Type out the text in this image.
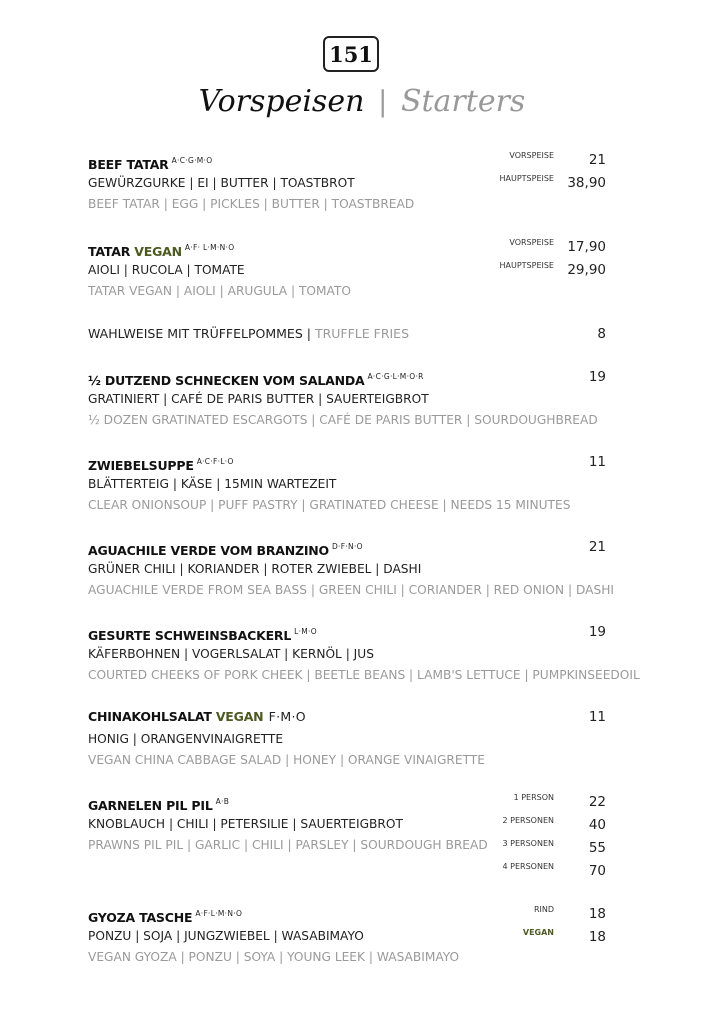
151
Vorspeisen | Starters
BEEF TATAR $^{A\cdot C\cdot G\cdot M\cdot O}$
GEWÜRZGURKE | EI | BUTTER | TOASTBROT
BEEF TATAR | EGG | PICKLES | BUTTER | TOASTBREAD
VORSPEISE	21
HAUPTSPEISE 38,90
TATAR VEGAN $^{A\cdot F\cdot L\cdot M\cdot N\cdot O}$
AIOLI | RUCOLA | TOMATE
TATAR VEGAN | AIOLI | ARUGULA | TOMATO
VORSPEISE 17,90
HAUPTSPEISE 29,90
WAHLWEISE MIT TRÜFFELPOMMES | TRUFFLE FRIES	8
½ DUTZEND SCHNECKEN VOM SALANDA $^{A\cdot C\cdot G\cdot L\cdot M\cdot O\cdot R}$
GRATINIERT | CAFÉ DE PARIS BUTTER | SAUERTEIGBROT
½ DOZEN GRATINATED ESCARGOTS | CAFÉ DE PARIS BUTTER | SOURDOUGHBREAD
19
ZWIEBELSUPPE $^{A\cdot C\cdot F\cdot L\cdot O}$
BLÄTTERTEIG | KÄSE | 15MIN WARTEZEIT
CLEAR ONIONSOUP | PUFF PASTRY | GRATINATED CHEESE | NEEDS 15 MINUTES
11
AGUACHILE VERDE VOM BRANZINO $^{D\cdot F\cdot N\cdot O}$
GRÜNER CHILI | KORIANDER | ROTER ZWIEBEL | DASHI
AGUACHILE VERDE FROM SEA BASS | GREEN CHILI | CORIANDER | RED ONION | DASHI
21
GESURTE SCHWEINSBACKERL $^{L\cdot M\cdot O}$
KÄFERBOHNEN | VOGERLSALAT | KERNÖL | JUS
COURTED CHEEKS OF PORK CHEEK | BEETLE BEANS | LAMB'S LETTUCE | PUMPKINSEEDOIL
19
CHINAKOHLSALAT VEGAN F·M·O
HONIG | ORANGENVINAIGRETTE
VEGAN CHINA CABBAGE SALAD | HONEY | ORANGE VINAIGRETTE
11
GARNELEN PIL PIL $^{A\cdot B}$
KNOBLAUCH | CHILI | PETERSILIE | SAUERTEIGBROT
PRAWNS PIL PIL | GARLIC | CHILI | PARSLEY | SOURDOUGH BREAD
1 PERSON	22
2 PERSONEN	40
3 PERSONEN	55
4 PERSONEN	70
GYOZA TASCHE $^{A\cdot F\cdot L\cdot M\cdot N\cdot O}$
PONZU | SOJA | JUNGZWIEBEL | WASABIMAYO
VEGAN GYOZA | PONZU | SOYA | YOUNG LEEK | WASABIMAYO
RIND	18
VEGAN	18
